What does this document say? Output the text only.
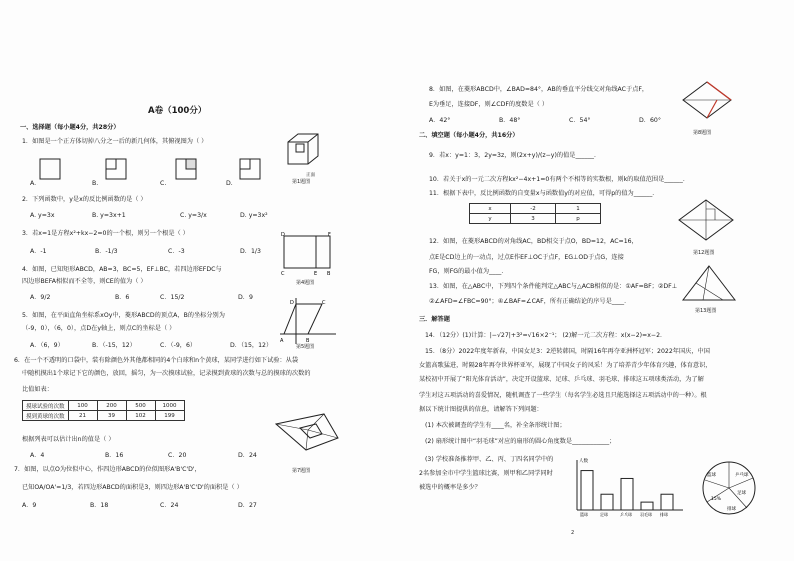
A卷（100分）
一、选择题（每小题4分，共28分）
1．如图是一个正方体切掉八分之一后的新几何体，其俯视图为（ ）
A.	B.	C.	D.
正面
第1题图
2．下列函数中，y是x的反比例函数的是（ ）
A. y=3x	B. y=3x+1	C. y=3/x	D. y=3x²
3．若x=1是方程x²+kx−2=0的一个根，则另一个根是（ ）
A．-1	B．-1/3	C．-3	D．1/3
D	F
C	E B
4．如图，已知矩形ABCD，AB=3，BC=5，EF⊥BC，若四边形EFDC与
四边形BEFA相似而不全等，则CE的值为（ ）
A．9/2	B．6	C．15/2	D．9
第4题图
5．如图，在平面直角坐标系xOy中，菱形ABCD的顶点A，B的坐标分别为
（-9，0），（6，0），点D在y轴上，则点C的坐标是（ ）
A．（6，9）	B．（-15，12）	C．（-9，6）	D．（15，12）
A	B
C
D
第5题图
6．在一个不透明的口袋中，装有除颜色外其他都相同的4个白球和n个黄球，某同学进行如下试验：从袋
中随机摸出1个球记下它的颜色，放回，摇匀，为一次摸球试验，记录摸到黄球的次数与总的摸球的次数的
比值如表：
摸球试验的次数	100	200	500	1000
摸到黄球的次数	21	39	102	199
根据列表可以估计出n的值是（ ）
A．4	B．16	C．20	D．24
第7题图
7．如图，以点O为位似中心，作四边形ABCD的位似图形A'B'C'D'，
已知OA/OA'=1/3，若四边形ABCD的面积是3，则四边形A'B'C'D'的面积是（ ）
A．9	B．18	C．24	D．27
8．如图，在菱形ABCD中，∠BAD=84°，AB的垂直平分线交对角线AC于点F，
E为垂足，连接DF，则∠CDF的度数是（ ）
A．42°	B．48°	C．54°	D．60°
第8题图
二、填空题（每小题4分，共16分）
9．若x：y=1：3，2y=3z，则(2x+y)/(z−y)的值是______．
10．若关于x的一元二次方程kx²−4x+1=0有两个不相等的实数根，则k的取值范围是______．
11．根据下表中，反比例函数的自变量x与函数值y的对应值，可得p的值为______．
x	-2	1
y	3	p
第12题图
12．如图，在菱形ABCD的对角线AC，BD相交于点O，BD=12，AC=16，
点E是CD边上的一动点，过点E作EF⊥OC于点F，EG⊥OD于点G，连接
FG，则FG的最小值为____．
13．如图，在△ABC中，下列四个条件能判定△ABC与△ACB相似的是：①AF=BF；②DF⊥
②∠AFD=∠FBC=90°；④∠BAF=∠CAF，所有正确结论的序号是____．
第13题图
三．解答题
14．（12分）(1)计算：|−√27|+3²=√16×2⁻¹； (2)解一元二次方程：x(x−2)=x−2．
15．（8分）2022年度年新春，中国女足3：2逆转韩国，时隔16年再夺亚洲杯冠军；2022年国庆，中国
女篮高歌猛进，时隔28年再夺世界杯亚军，展现了中国女子的风采！为了培养青少年体育兴趣，体育意识，
某校初中开展了“阳光体育活动”，决定开设篮球、足球、乒乓球、羽毛球、排球这五项球类活动，为了解
学生对这五项活动的喜爱情况，随机调查了一些学生（每名学生必选且只能选择这五项活动中的一种）。根
据以下统计图提供的信息，请解答下列问题：
(1) 本次被调查的学生有____名，补全条形统计图；
(2) 扇形统计图中“羽毛球”对应的扇形的圆心角度数是____________；
(3) 学校准备推荐甲、乙、丙、丁四名同学中的
2名参加全市中学生篮球比赛，则甲和乙同学同时
被选中的概率是多少？
人数
篮球	足球	乒乓球 羽毛球 排球
篮球	乒乓球
足球
15%
排球
2
